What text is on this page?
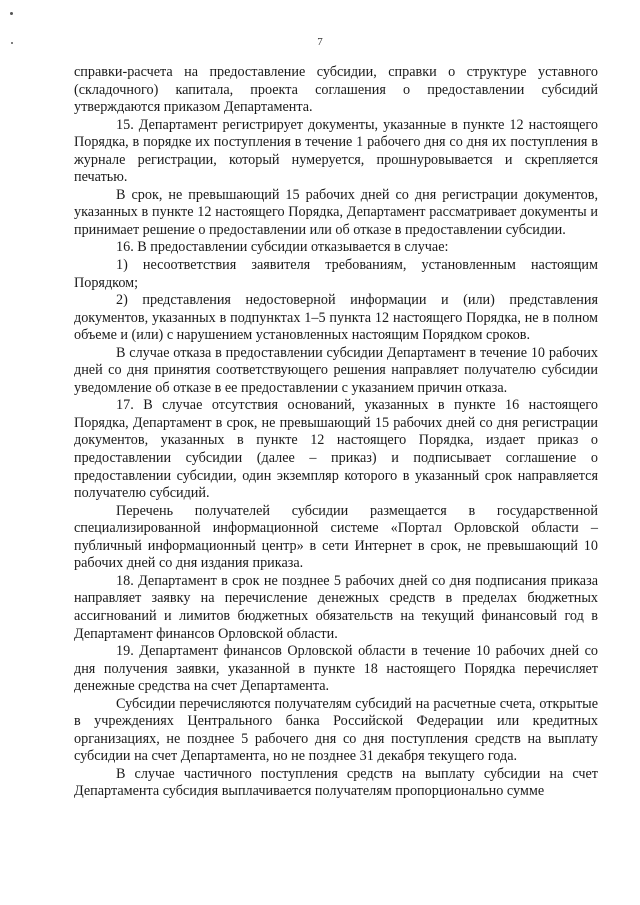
7

справки-расчета на предоставление субсидии, справки о структуре уставного (складочного) капитала, проекта соглашения о предоставлении субсидий утверждаются приказом Департамента.

15. Департамент регистрирует документы, указанные в пункте 12 настоящего Порядка, в порядке их поступления в течение 1 рабочего дня со дня их поступления в журнале регистрации, который нумеруется, прошнуровывается и скрепляется печатью.

В срок, не превышающий 15 рабочих дней со дня регистрации документов, указанных в пункте 12 настоящего Порядка, Департамент рассматривает документы и принимает решение о предоставлении или об отказе в предоставлении субсидии.

16. В предоставлении субсидии отказывается в случае:

1) несоответствия заявителя требованиям, установленным настоящим Порядком;

2) представления недостоверной информации и (или) представления документов, указанных в подпунктах 1–5 пункта 12 настоящего Порядка, не в полном объеме и (или) с нарушением установленных настоящим Порядком сроков.

В случае отказа в предоставлении субсидии Департамент в течение 10 рабочих дней со дня принятия соответствующего решения направляет получателю субсидии уведомление об отказе в ее предоставлении с указанием причин отказа.

17. В случае отсутствия оснований, указанных в пункте 16 настоящего Порядка, Департамент в срок, не превышающий 15 рабочих дней со дня регистрации документов, указанных в пункте 12 настоящего Порядка, издает приказ о предоставлении субсидии (далее – приказ) и подписывает соглашение о предоставлении субсидии, один экземпляр которого в указанный срок направляется получателю субсидий.

Перечень получателей субсидии размещается в государственной специализированной информационной системе «Портал Орловской области – публичный информационный центр» в сети Интернет в срок, не превышающий 10 рабочих дней со дня издания приказа.

18. Департамент в срок не позднее 5 рабочих дней со дня подписания приказа направляет заявку на перечисление денежных средств в пределах бюджетных ассигнований и лимитов бюджетных обязательств на текущий финансовый год в Департамент финансов Орловской области.

19. Департамент финансов Орловской области в течение 10 рабочих дней со дня получения заявки, указанной в пункте 18 настоящего Порядка перечисляет денежные средства на счет Департамента.

Субсидии перечисляются получателям субсидий на расчетные счета, открытые в учреждениях Центрального банка Российской Федерации или кредитных организациях, не позднее 5 рабочего дня со дня поступления средств на выплату субсидии на счет Департамента, но не позднее 31 декабря текущего года.

В случае частичного поступления средств на выплату субсидии на счет Департамента субсидия выплачивается получателям пропорционально сумме
